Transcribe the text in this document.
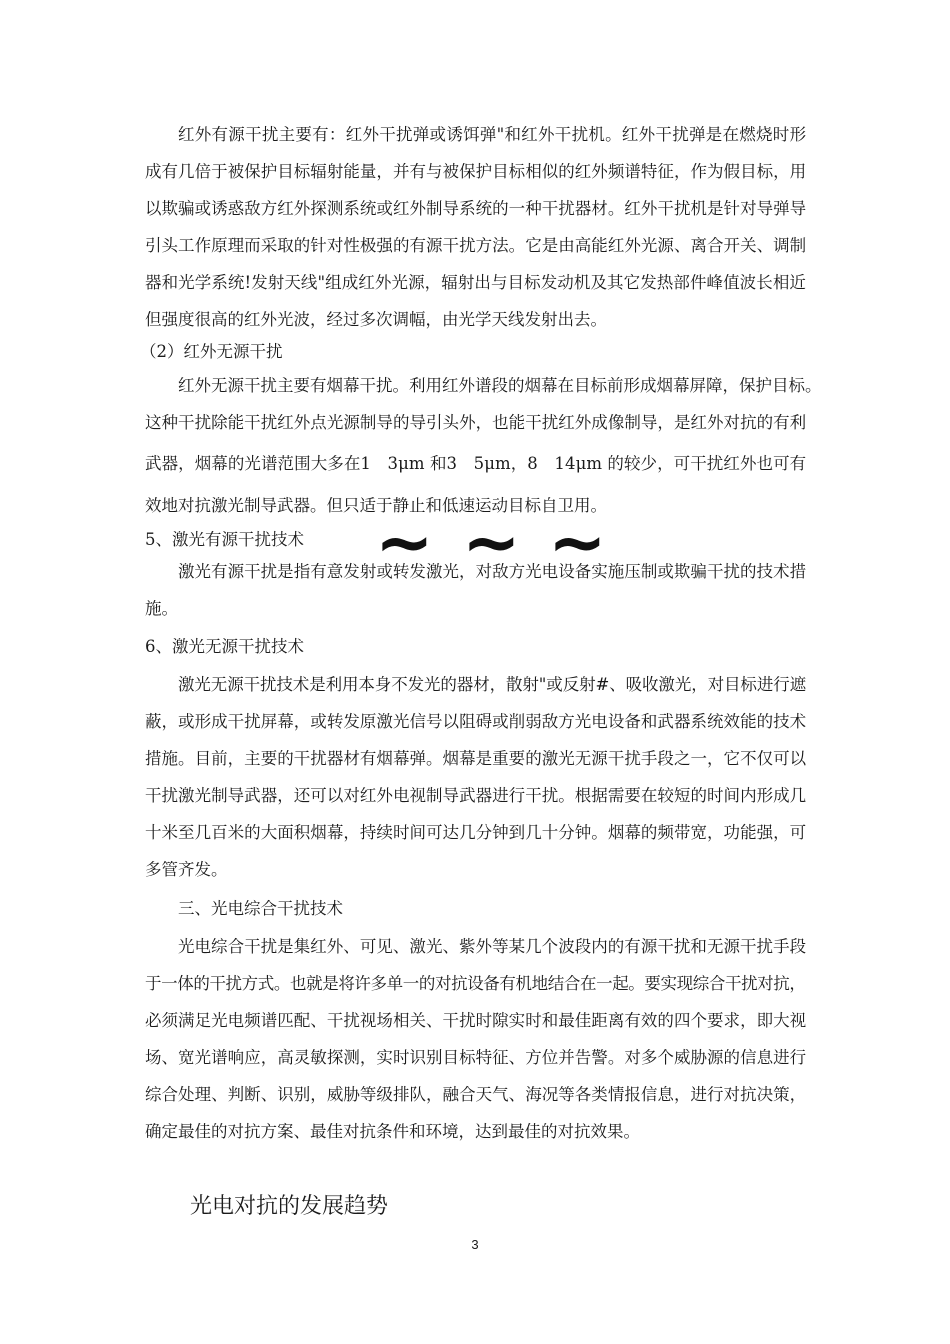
红外有源干扰主要有：红外干扰弹或诱饵弹"和红外干扰机。红外干扰弹是在燃烧时形
成有几倍于被保护目标辐射能量，并有与被保护目标相似的红外频谱特征，作为假目标，用
以欺骗或诱惑敌方红外探测系统或红外制导系统的一种干扰器材。红外干扰机是针对导弹导
引头工作原理而采取的针对性极强的有源干扰方法。它是由高能红外光源、离合开关、调制
器和光学系统!发射天线"组成红外光源，辐射出与目标发动机及其它发热部件峰值波长相近
但强度很高的红外光波，经过多次调幅，由光学天线发射出去。
（2）红外无源干扰
红外无源干扰主要有烟幕干扰。利用红外谱段的烟幕在目标前形成烟幕屏障，保护目标。
这种干扰除能干扰红外点光源制导的导引头外，也能干扰红外成像制导，是红外对抗的有利
武器，烟幕的光谱范围大多在1　3μm 和3　5μm，8　14μm 的较少，可干扰红外也可有
效地对抗激光制导武器。但只适于静止和低速运动目标自卫用。
5、激光有源干扰技术 ~ ~ ~
激光有源干扰是指有意发射或转发激光，对敌方光电设备实施压制或欺骗干扰的技术措
施。
6、激光无源干扰技术
激光无源干扰技术是利用本身不发光的器材，散射"或反射#、吸收激光，对目标进行遮
蔽，或形成干扰屏幕，或转发原激光信号以阻碍或削弱敌方光电设备和武器系统效能的技术
措施。目前，主要的干扰器材有烟幕弹。烟幕是重要的激光无源干扰手段之一，它不仅可以
干扰激光制导武器，还可以对红外电视制导武器进行干扰。根据需要在较短的时间内形成几
十米至几百米的大面积烟幕，持续时间可达几分钟到几十分钟。烟幕的频带宽，功能强，可
多管齐发。
三、光电综合干扰技术
光电综合干扰是集红外、可见、激光、紫外等某几个波段内的有源干扰和无源干扰手段
于一体的干扰方式。也就是将许多单一的对抗设备有机地结合在一起。要实现综合干扰对抗，
必须满足光电频谱匹配、干扰视场相关、干扰时隙实时和最佳距离有效的四个要求，即大视
场、宽光谱响应，高灵敏探测，实时识别目标特征、方位并告警。对多个威胁源的信息进行
综合处理、判断、识别，威胁等级排队，融合天气、海况等各类情报信息，进行对抗决策，
确定最佳的对抗方案、最佳对抗条件和环境，达到最佳的对抗效果。
光电对抗的发展趋势
3
